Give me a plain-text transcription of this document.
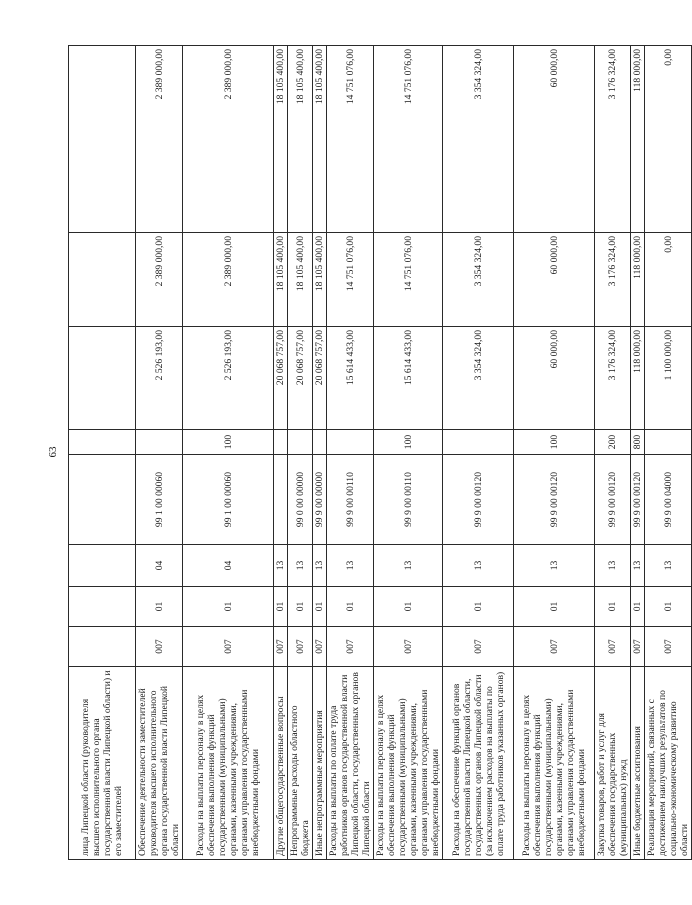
63
лица Липецкой области (руководителя высшего исполнительного органа государственной власти Липецкой области) и его заместителей								
Обеспечение деятельности заместителей руководителя высшего исполнительного органа государственной власти Липецкой области	007	01	04	99 1 00 00060		2 526 193,00	2 389 000,00	2 389 000,00
Расходы на выплаты персоналу в целях обеспечения выполнения функций государственными (муниципальными) органами, казенными учреждениями, органами управления государственными внебюджетными фондами	007	01	04	99 1 00 00060	100	2 526 193,00	2 389 000,00	2 389 000,00
Другие общегосударственные вопросы	007	01	13			20 068 757,00	18 105 400,00	18 105 400,00
Непрограммные расходы областного бюджета	007	01	13	99 0 00 00000		20 068 757,00	18 105 400,00	18 105 400,00
Иные непрограммные мероприятия	007	01	13	99 9 00 00000		20 068 757,00	18 105 400,00	18 105 400,00
Расходы на выплаты по оплате труда работников органов государственной власти Липецкой области, государственных органов Липецкой области	007	01	13	99 9 00 00110		15 614 433,00	14 751 076,00	14 751 076,00
Расходы на выплаты персоналу в целях обеспечения выполнения функций государственными (муниципальными) органами, казенными учреждениями, органами управления государственными внебюджетными фондами	007	01	13	99 9 00 00110	100	15 614 433,00	14 751 076,00	14 751 076,00
Расходы на обеспечение функций органов государственной власти Липецкой области, государственных органов Липецкой области (за исключением расходов на выплаты по оплате труда работников указанных органов)	007	01	13	99 9 00 00120		3 354 324,00	3 354 324,00	3 354 324,00
Расходы на выплаты персоналу в целях обеспечения выполнения функций государственными (муниципальными) органами, казенными учреждениями, органами управления государственными внебюджетными фондами	007	01	13	99 9 00 00120	100	60 000,00	60 000,00	60 000,00
Закупка товаров, работ и услуг для обеспечения государственных (муниципальных) нужд	007	01	13	99 9 00 00120	200	3 176 324,00	3 176 324,00	3 176 324,00
Иные бюджетные ассигнования	007	01	13	99 9 00 00120	800	118 000,00	118 000,00	118 000,00
Реализация мероприятий, связанных с достижением наилучших результатов по социально-экономическому развитию области	007	01	13	99 9 00 04000		1 100 000,00	0,00	0,00
